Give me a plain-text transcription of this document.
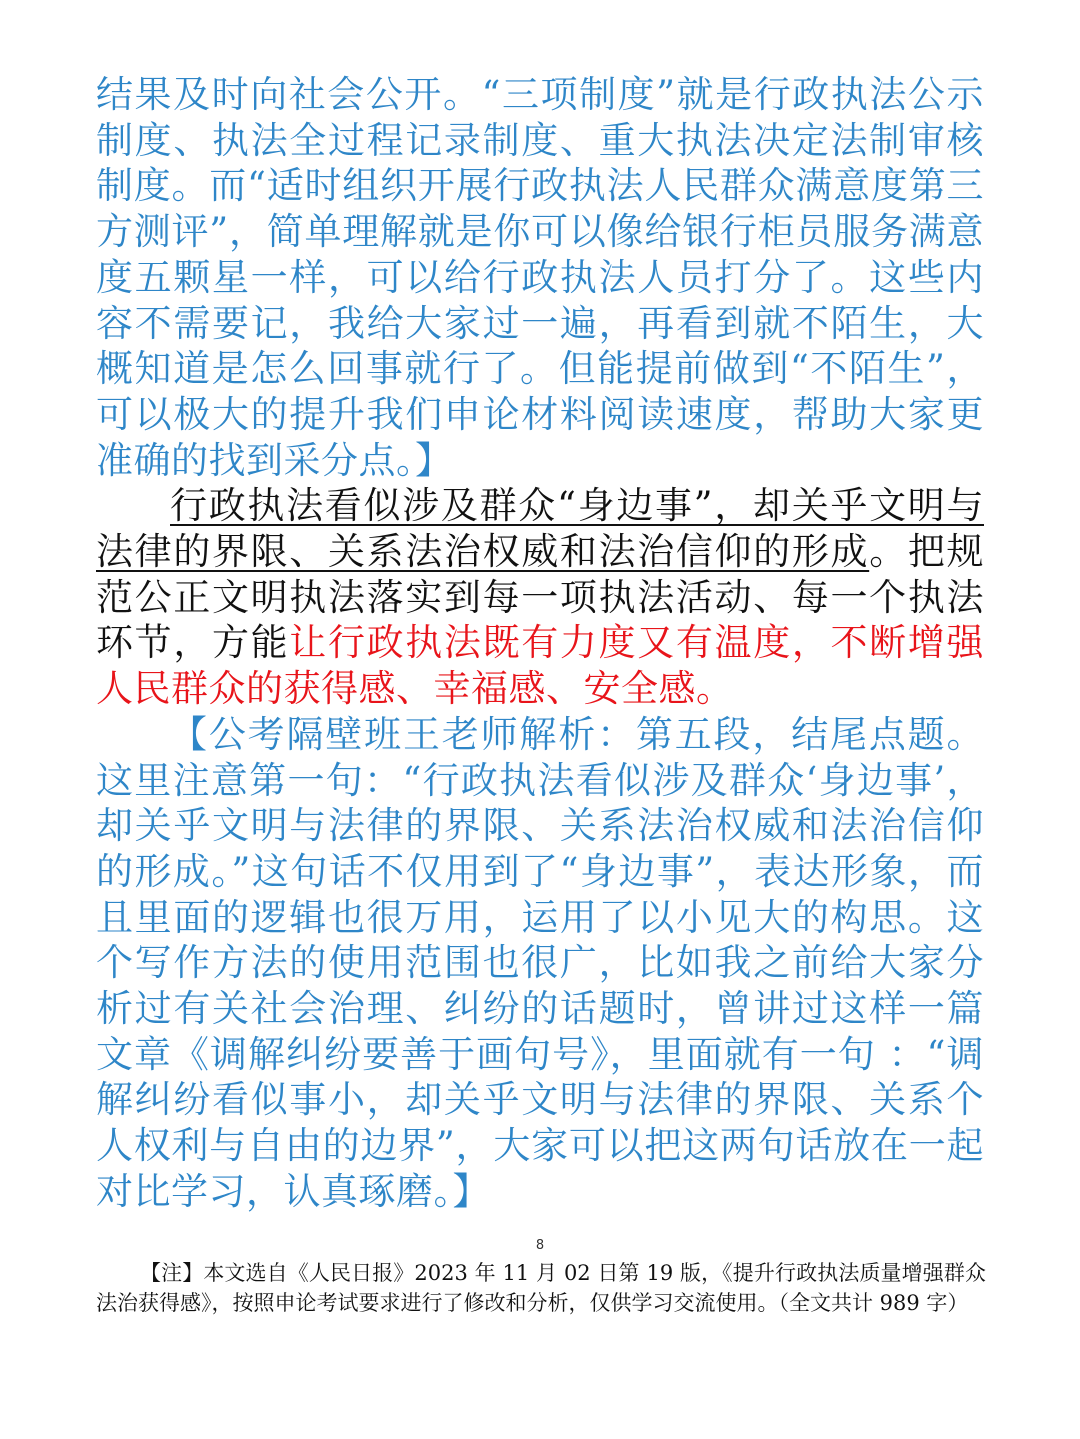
结果及时向社会公开。“三项制度”就是行政执法公示制度、执法全过程记录制度、重大执法决定法制审核制度。而“适时组织开展行政执法人民群众满意度第三方测评”，简单理解就是你可以像给银行柜员服务满意度五颗星一样，可以给行政执法人员打分了。这些内容不需要记，我给大家过一遍，再看到就不陌生，大概知道是怎么回事就行了。但能提前做到“不陌生”，可以极大的提升我们申论材料阅读速度，帮助大家更准确的找到采分点。】

行政执法看似涉及群众“身边事”，却关乎文明与法律的界限、关系法治权威和法治信仰的形成。把规范公正文明执法落实到每一项执法活动、每一个执法环节，方能让行政执法既有力度又有温度，不断增强人民群众的获得感、幸福感、安全感。

【公考隔壁班王老师解析：第五段，结尾点题。这里注意第一句：“行政执法看似涉及群众‘身边事’，却关乎文明与法律的界限、关系法治权威和法治信仰的形成。”这句话不仅用到了“身边事”，表达形象，而且里面的逻辑也很万用，运用了以小见大的构思。这个写作方法的使用范围也很广，比如我之前给大家分析过有关社会治理、纠纷的话题时，曾讲过这样一篇文章《调解纠纷要善于画句号》，里面就有一句 ：“调解纠纷看似事小，却关乎文明与法律的界限、关系个人权利与自由的边界”，大家可以把这两句话放在一起对比学习，认真琢磨。】

8
【注】本文选自《人民日报》2023 年 11 月 02 日第 19 版，《提升行政执法质量增强群众法治获得感》，按照申论考试要求进行了修改和分析，仅供学习交流使用。（全文共计 989 字）
